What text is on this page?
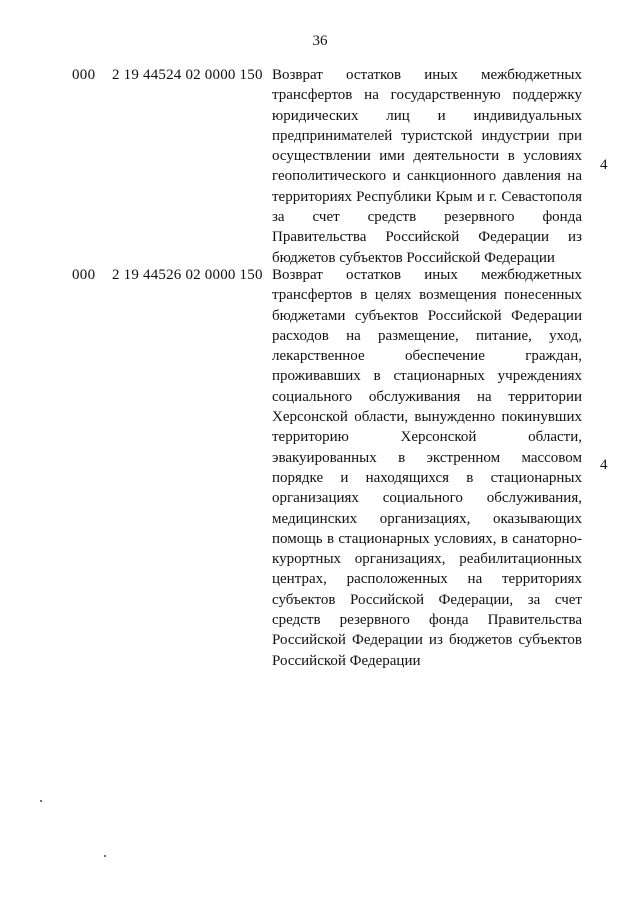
36
000 2 19 44524 02 0000 150 Возврат остатков иных межбюджетных трансфертов на государственную поддержку юридических лиц и индивидуальных предпринимателей туристской индустрии при осуществлении ими деятельности в условиях геополитического и санкционного давления на территориях Республики Крым и г. Севастополя за счет средств резервного фонда Правительства Российской Федерации из бюджетов субъектов Российской Федерации
4
000 2 19 44526 02 0000 150 Возврат остатков иных межбюджетных трансфертов в целях возмещения понесенных бюджетами субъектов Российской Федерации расходов на размещение, питание, уход, лекарственное обеспечение граждан, проживавших в стационарных учреждениях социального обслуживания на территории Херсонской области, вынужденно покинувших территорию Херсонской области, эвакуированных в экстренном массовом порядке и находящихся в стационарных организациях социального обслуживания, медицинских организациях, оказывающих помощь в стационарных условиях, в санаторно-курортных организациях, реабилитационных центрах, расположенных на территориях субъектов Российской Федерации, за счет средств резервного фонда Правительства Российской Федерации из бюджетов субъектов Российской Федерации
4
